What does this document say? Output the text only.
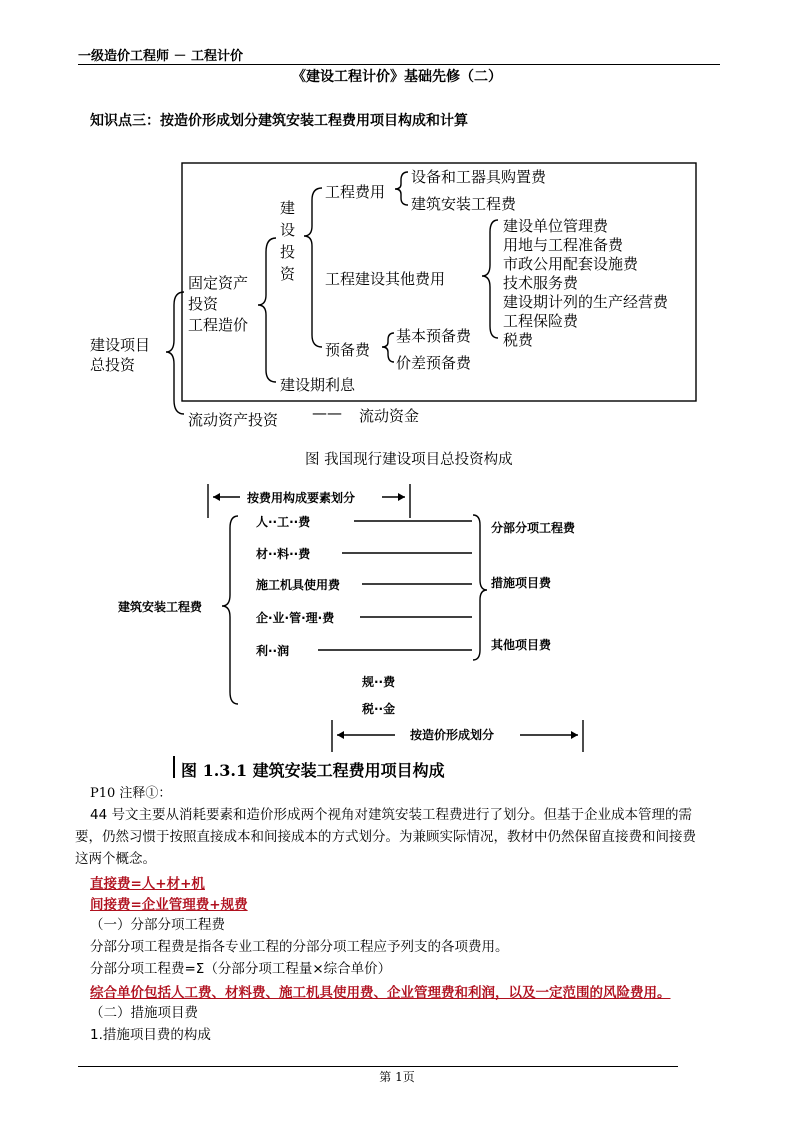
一级造价工程师 － 工程计价
《建设工程计价》基础先修（二）
知识点三：按造价形成划分建筑安装工程费用项目构成和计算
建设项目
总投资
固定资产
投资
工程造价
建
设
投
资
工程费用
设备和工器具购置费
建筑安装工程费
工程建设其他费用
建设单位管理费
用地与工程准备费
市政公用配套设施费
技术服务费
建设期计列的生产经营费
工程保险费
税费
预备费
基本预备费
价差预备费
建设期利息
流动资产投资 —— 流动资金
图 我国现行建设项目总投资构成
按费用构成要素划分
建筑安装工程费
人··工··费
材··料··费
施工机具使用费
企·业·管·理·费
利··润
规··费
税··金
分部分项工程费
措施项目费
其他项目费
按造价形成划分
图 1.3.1 建筑安装工程费用项目构成
P10 注释①：
44 号文主要从消耗要素和造价形成两个视角对建筑安装工程费进行了划分。但基于企业成本管理的需
要，仍然习惯于按照直接成本和间接成本的方式划分。为兼顾实际情况，教材中仍然保留直接费和间接费
这两个概念。
直接费=人+材+机
间接费=企业管理费+规费
（一）分部分项工程费
分部分项工程费是指各专业工程的分部分项工程应予列支的各项费用。
分部分项工程费=Σ（分部分项工程量×综合单价）
综合单价包括人工费、材料费、施工机具使用费、企业管理费和利润，以及一定范围的风险费用。
（二）措施项目费
1.措施项目费的构成
第 1页
